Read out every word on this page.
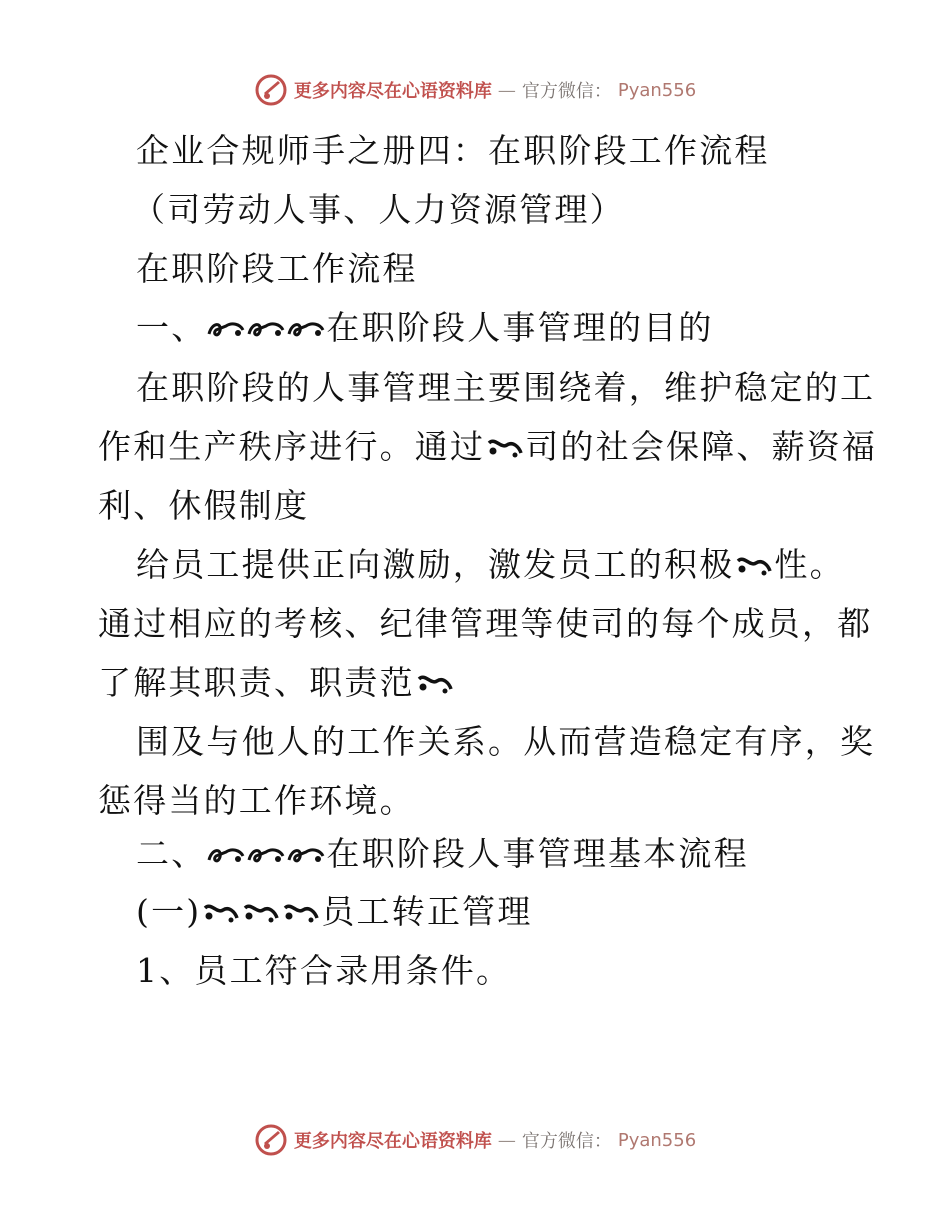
更多内容尽在心语资料库 — 官方微信： Pyan556
企业合规师手之册四：在职阶段工作流程
（司劳动人事、人力资源管理）
在职阶段工作流程
一、	在职阶段人事管理的目的
在职阶段的人事管理主要围绕着，维护稳定的工
作和生产秩序进行。通过 司的社会保障、薪资福
利、休假制度
给员工提供正向激励，激发员工的积极 性。
通过相应的考核、纪律管理等使司的每个成员，都
了解其职责、职责范
围及与他人的工作关系。从而营造稳定有序，奖
惩得当的工作环境。
二、	在职阶段人事管理基本流程
(一)	员工转正管理
1、员工符合录用条件。
更多内容尽在心语资料库 — 官方微信： Pyan556
